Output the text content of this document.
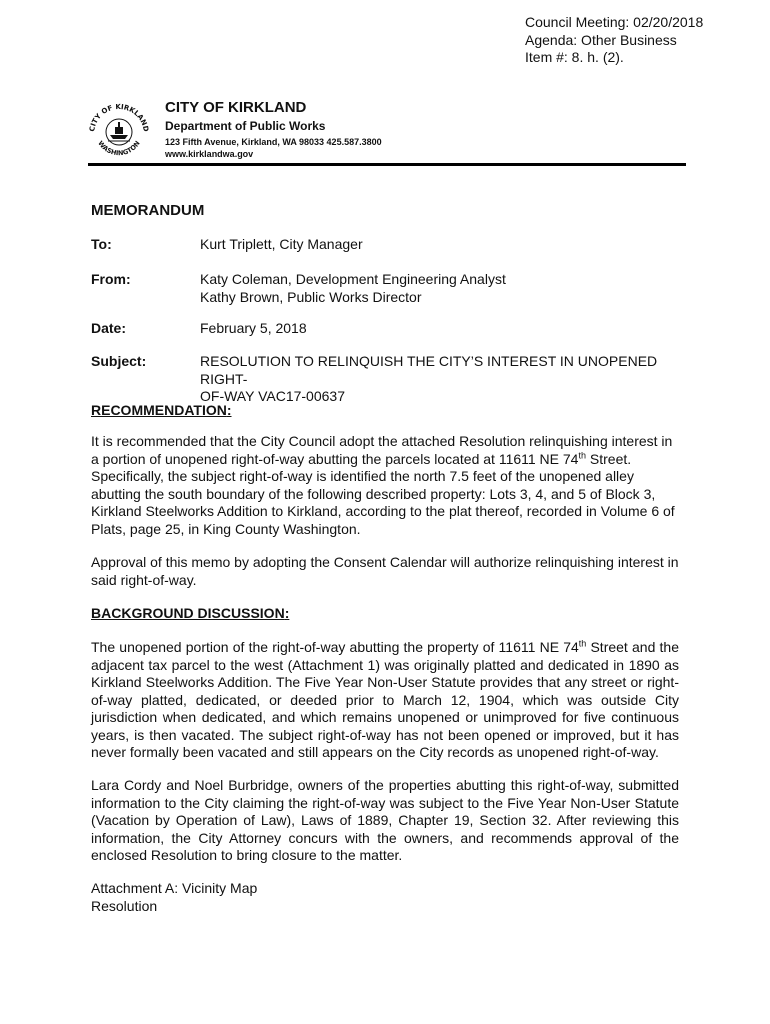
Council Meeting: 02/20/2018
Agenda: Other Business
Item #: 8. h. (2).
CITY OF KIRKLAND
WASHINGTON
CITY OF KIRKLAND
Department of Public Works
123 Fifth Avenue, Kirkland, WA 98033 425.587.3800
www.kirklandwa.gov
MEMORANDUM
To:	Kurt Triplett, City Manager
From:	Katy Coleman, Development Engineering Analyst
Kathy Brown, Public Works Director
Date:	February 5, 2018
Subject:	RESOLUTION TO RELINQUISH THE CITY’S INTEREST IN UNOPENED RIGHT-
OF-WAY VAC17-00637
RECOMMENDATION:
It is recommended that the City Council adopt the attached Resolution relinquishing interest in a portion of unopened right-of-way abutting the parcels located at 11611 NE 74th Street. Specifically, the subject right-of-way is identified the north 7.5 feet of the unopened alley abutting the south boundary of the following described property: Lots 3, 4, and 5 of Block 3, Kirkland Steelworks Addition to Kirkland, according to the plat thereof, recorded in Volume 6 of Plats, page 25, in King County Washington.
Approval of this memo by adopting the Consent Calendar will authorize relinquishing interest in said right-of-way.
BACKGROUND DISCUSSION:
The unopened portion of the right-of-way abutting the property of 11611 NE 74th Street and the adjacent tax parcel to the west (Attachment 1) was originally platted and dedicated in 1890 as Kirkland Steelworks Addition. The Five Year Non-User Statute provides that any street or right-of-way platted, dedicated, or deeded prior to March 12, 1904, which was outside City jurisdiction when dedicated, and which remains unopened or unimproved for five continuous years, is then vacated. The subject right-of-way has not been opened or improved, but it has never formally been vacated and still appears on the City records as unopened right-of-way.
Lara Cordy and Noel Burbridge, owners of the properties abutting this right-of-way, submitted information to the City claiming the right-of-way was subject to the Five Year Non-User Statute (Vacation by Operation of Law), Laws of 1889, Chapter 19, Section 32. After reviewing this information, the City Attorney concurs with the owners, and recommends approval of the enclosed Resolution to bring closure to the matter.
Attachment A: Vicinity Map
Resolution
